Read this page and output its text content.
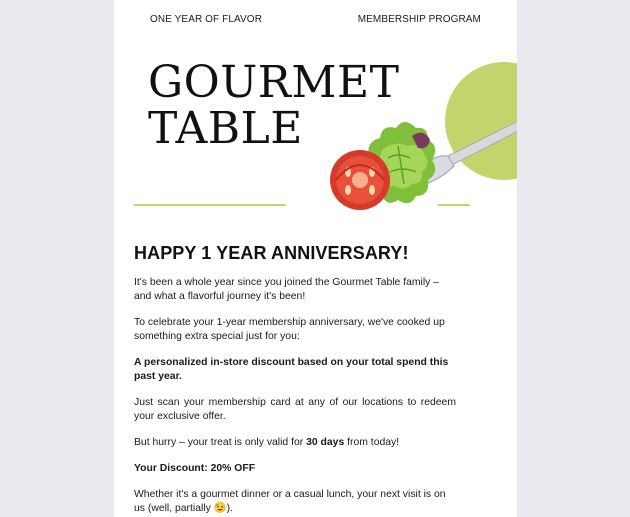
ONE YEAR OF FLAVOR	MEMBERSHIP PROGRAM
GOURMET
TABLE
HAPPY 1 YEAR ANNIVERSARY!
It's been a whole year since you joined the Gourmet Table family – and what a flavorful journey it's been!
To celebrate your 1-year membership anniversary, we've cooked up something extra special just for you:
A personalized in-store discount based on your total spend this past year.
Just scan your membership card at any of our locations to redeem your exclusive offer.
But hurry – your treat is only valid for 30 days from today!
Your Discount: 20% OFF
Whether it's a gourmet dinner or a casual lunch, your next visit is on us (well, partially 😉).
